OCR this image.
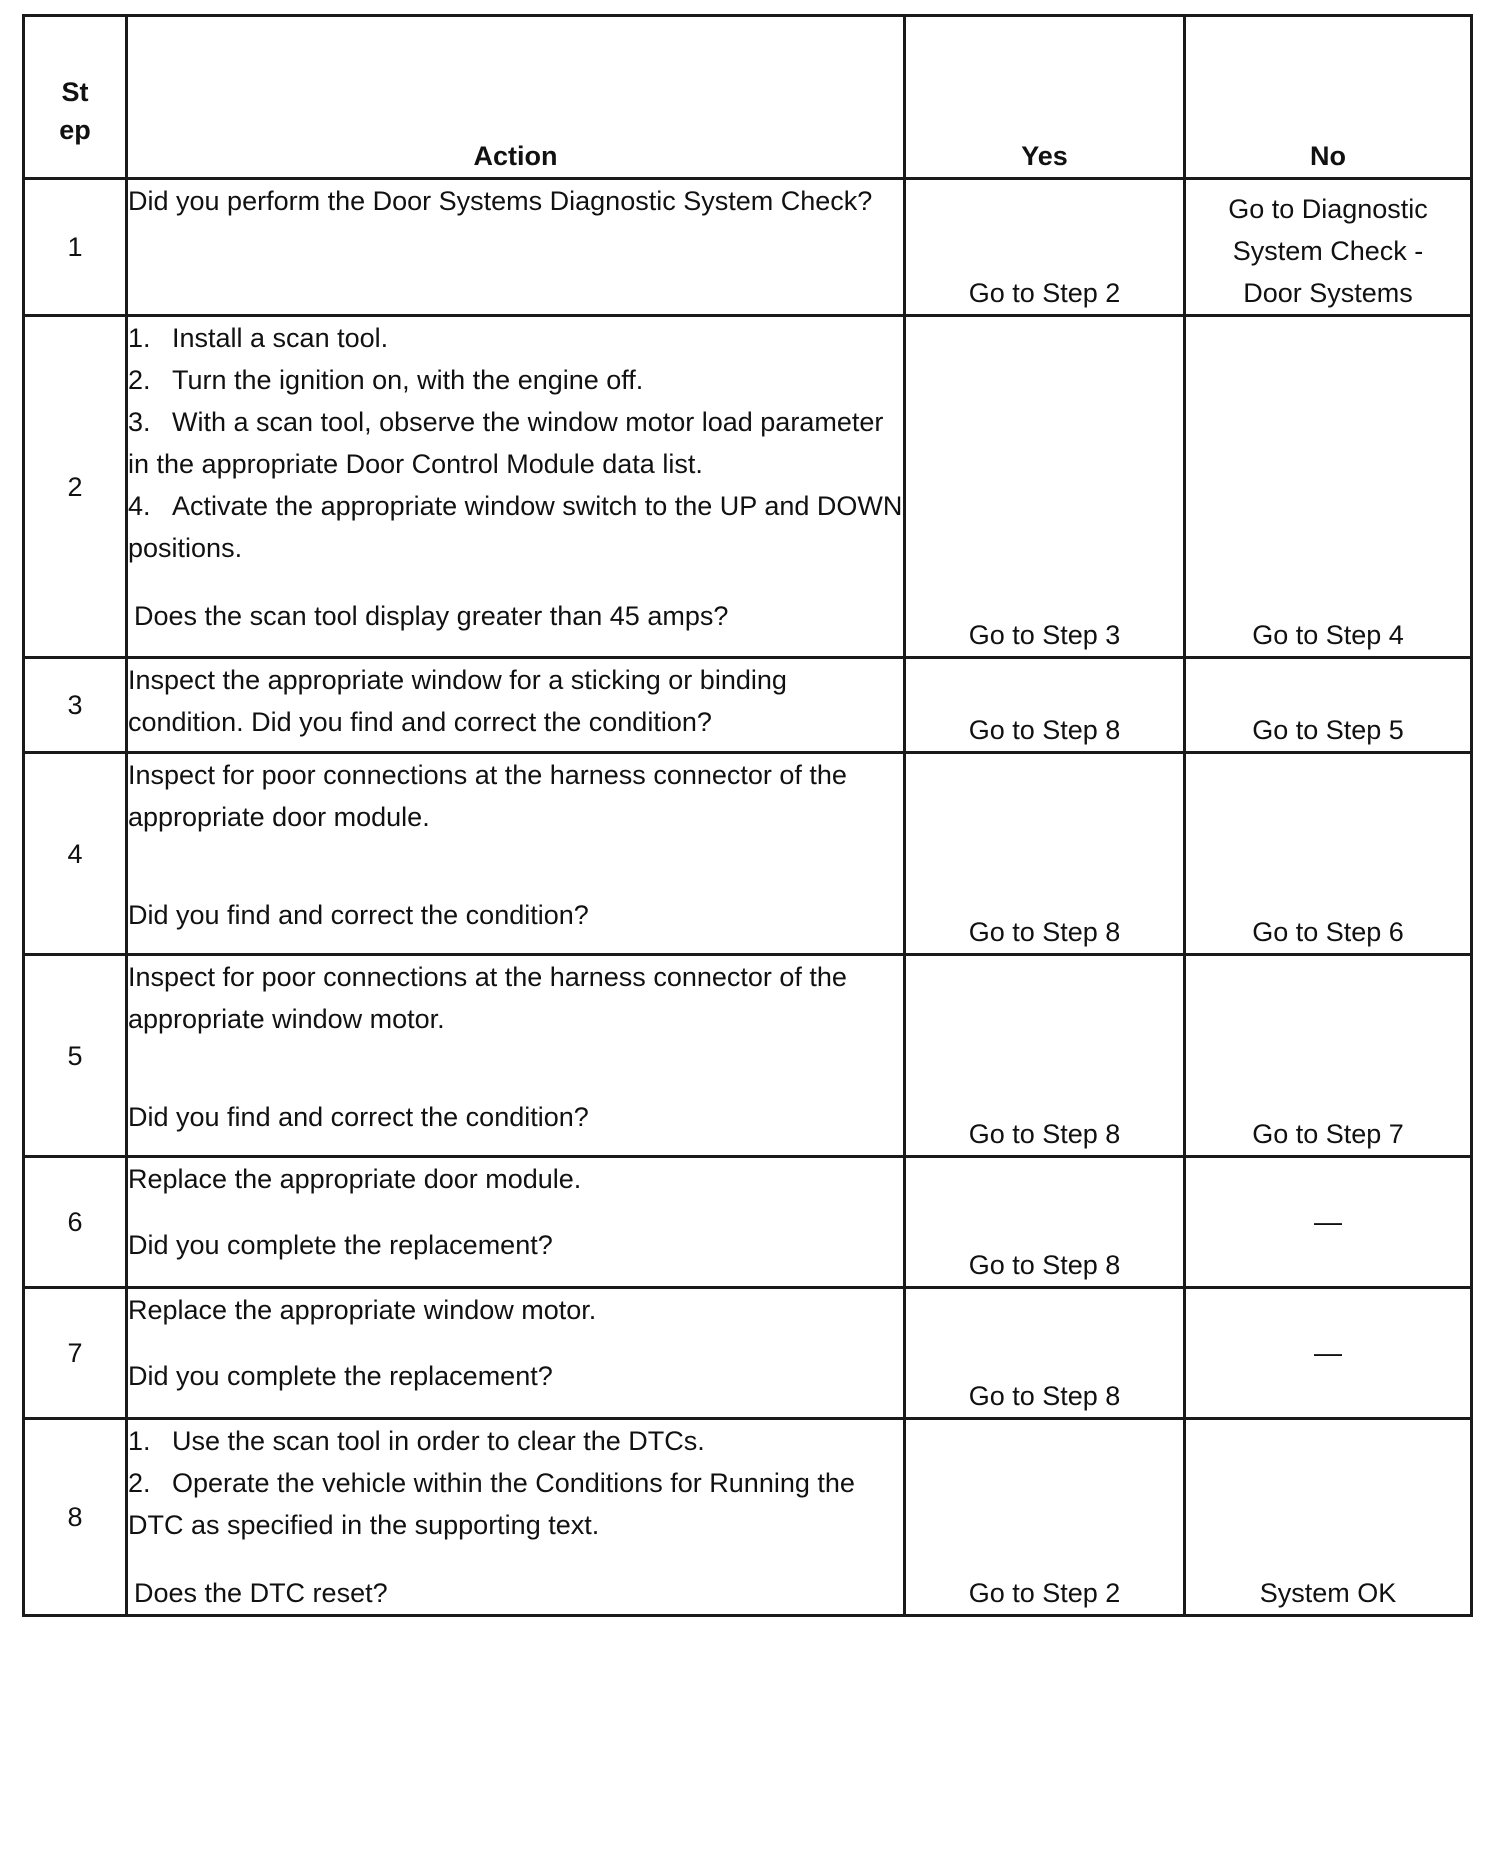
St
ep	Action	Yes	No
1	Did you perform the Door Systems Diagnostic System Check?	Go to Step 2	Go to Diagnostic
System Check -
Door Systems

2	1. Install a scan tool.
2. Turn the ignition on, with the engine off.
3. With a scan tool, observe the window motor load parameter in the appropriate Door Control Module data list.
4. Activate the appropriate window switch to the UP and DOWN positions.
Does the scan tool display greater than 45 amps?	Go to Step 3	Go to Step 4
3	Inspect the appropriate window for a sticking or binding condition. Did you find and correct the condition?	Go to Step 8	Go to Step 5
4	Inspect for poor connections at the harness connector of the appropriate door module.
Did you find and correct the condition?	Go to Step 8	Go to Step 6
5	Inspect for poor connections at the harness connector of the appropriate window motor.
Did you find and correct the condition?	Go to Step 8	Go to Step 7
6	Replace the appropriate door module.
Did you complete the replacement?	Go to Step 8	—
7	Replace the appropriate window motor.
Did you complete the replacement?	Go to Step 8	—
8	1. Use the scan tool in order to clear the DTCs.
2. Operate the vehicle within the Conditions for Running the DTC as specified in the supporting text.
Does the DTC reset?	Go to Step 2	System OK
